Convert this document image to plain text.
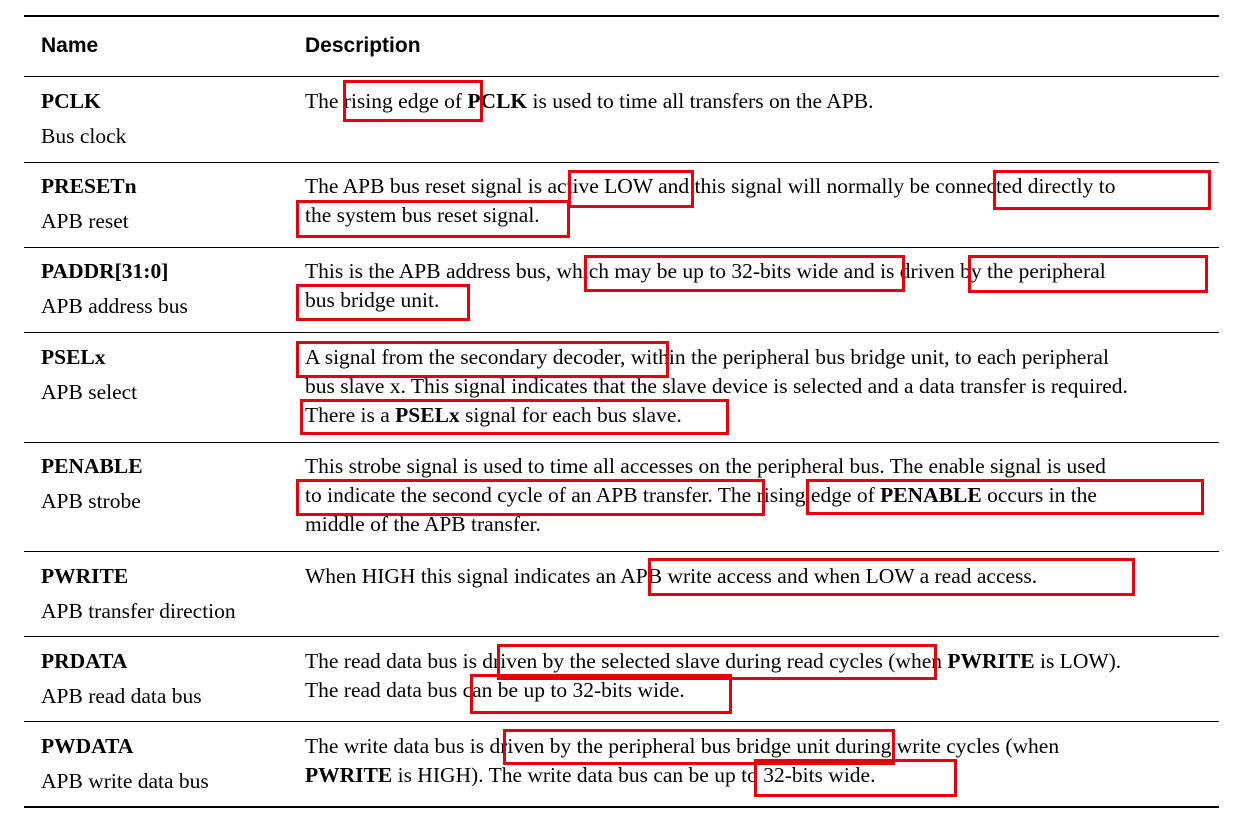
Name	Description
PCLK
Bus clock
PRESETn
APB reset
PADDR[31:0]
APB address bus
PSELx
APB select
PENABLE
APB strobe
PWRITE
APB transfer direction
PRDATA
APB read data bus
PWDATA
APB write data bus
The rising edge of PCLK is used to time all transfers on the APB.
The APB bus reset signal is active LOW and this signal will normally be connected directly to
the system bus reset signal.
This is the APB address bus, which may be up to 32-bits wide and is driven by the peripheral
bus bridge unit.
A signal from the secondary decoder, within the peripheral bus bridge unit, to each peripheral
bus slave x. This signal indicates that the slave device is selected and a data transfer is required.
There is a PSELx signal for each bus slave.
This strobe signal is used to time all accesses on the peripheral bus. The enable signal is used
to indicate the second cycle of an APB transfer. The rising edge of PENABLE occurs in the
middle of the APB transfer.
When HIGH this signal indicates an APB write access and when LOW a read access.
The read data bus is driven by the selected slave during read cycles (when PWRITE is LOW).
The read data bus can be up to 32-bits wide.
The write data bus is driven by the peripheral bus bridge unit during write cycles (when
PWRITE is HIGH). The write data bus can be up to 32-bits wide.
